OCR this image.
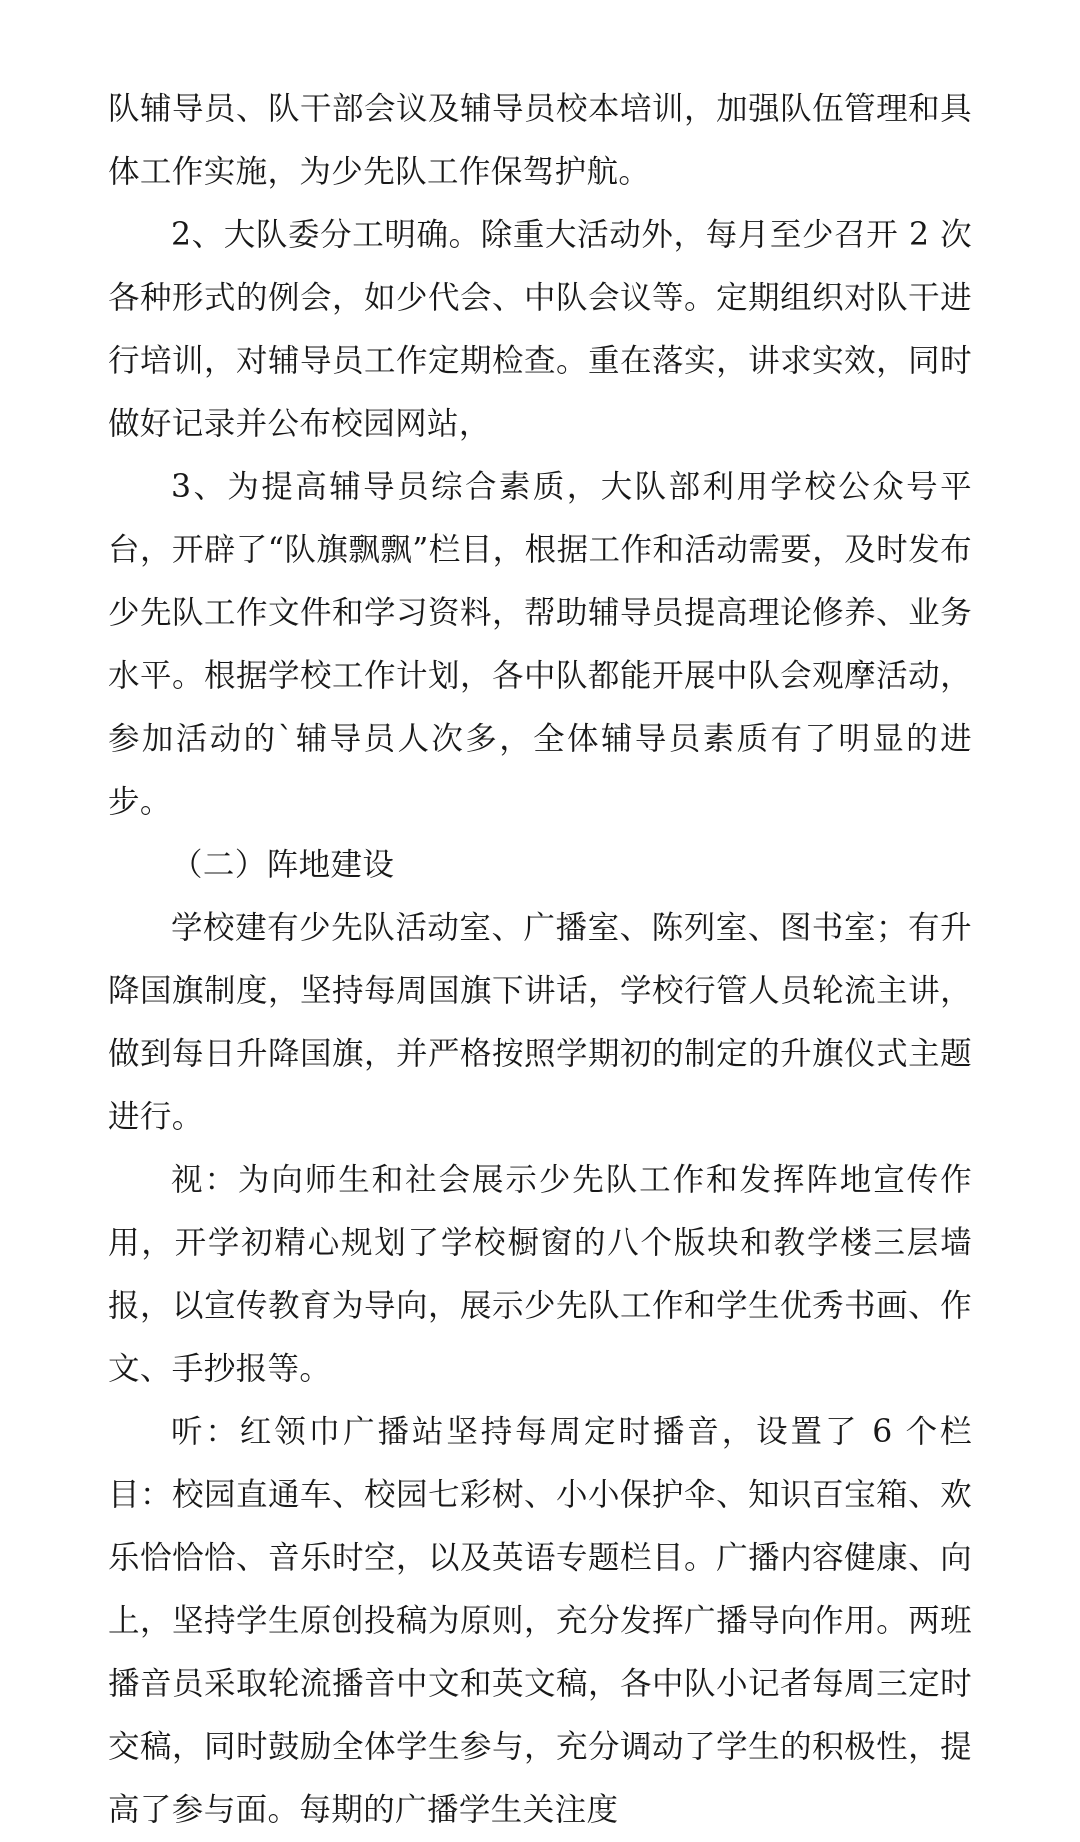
队辅导员、队干部会议及辅导员校本培训，加强队伍管理和具体工作实施，为少先队工作保驾护航。

2、大队委分工明确。除重大活动外，每月至少召开 2 次各种形式的例会，如少代会、中队会议等。定期组织对队干进行培训，对辅导员工作定期检查。重在落实，讲求实效，同时做好记录并公布校园网站，

3、为提高辅导员综合素质，大队部利用学校公众号平台，开辟了“队旗飘飘”栏目，根据工作和活动需要，及时发布少先队工作文件和学习资料，帮助辅导员提高理论修养、业务水平。根据学校工作计划，各中队都能开展中队会观摩活动，参加活动的`辅导员人次多，全体辅导员素质有了明显的进步。

（二）阵地建设

学校建有少先队活动室、广播室、陈列室、图书室；有升降国旗制度，坚持每周国旗下讲话，学校行管人员轮流主讲，做到每日升降国旗，并严格按照学期初的制定的升旗仪式主题进行。

视：为向师生和社会展示少先队工作和发挥阵地宣传作用，开学初精心规划了学校橱窗的八个版块和教学楼三层墙报，以宣传教育为导向，展示少先队工作和学生优秀书画、作文、手抄报等。

听：红领巾广播站坚持每周定时播音，设置了 6 个栏目：校园直通车、校园七彩树、小小保护伞、知识百宝箱、欢乐恰恰恰、音乐时空，以及英语专题栏目。广播内容健康、向上，坚持学生原创投稿为原则，充分发挥广播导向作用。两班播音员采取轮流播音中文和英文稿，各中队小记者每周三定时交稿，同时鼓励全体学生参与，充分调动了学生的积极性，提高了参与面。每期的广播学生关注度
